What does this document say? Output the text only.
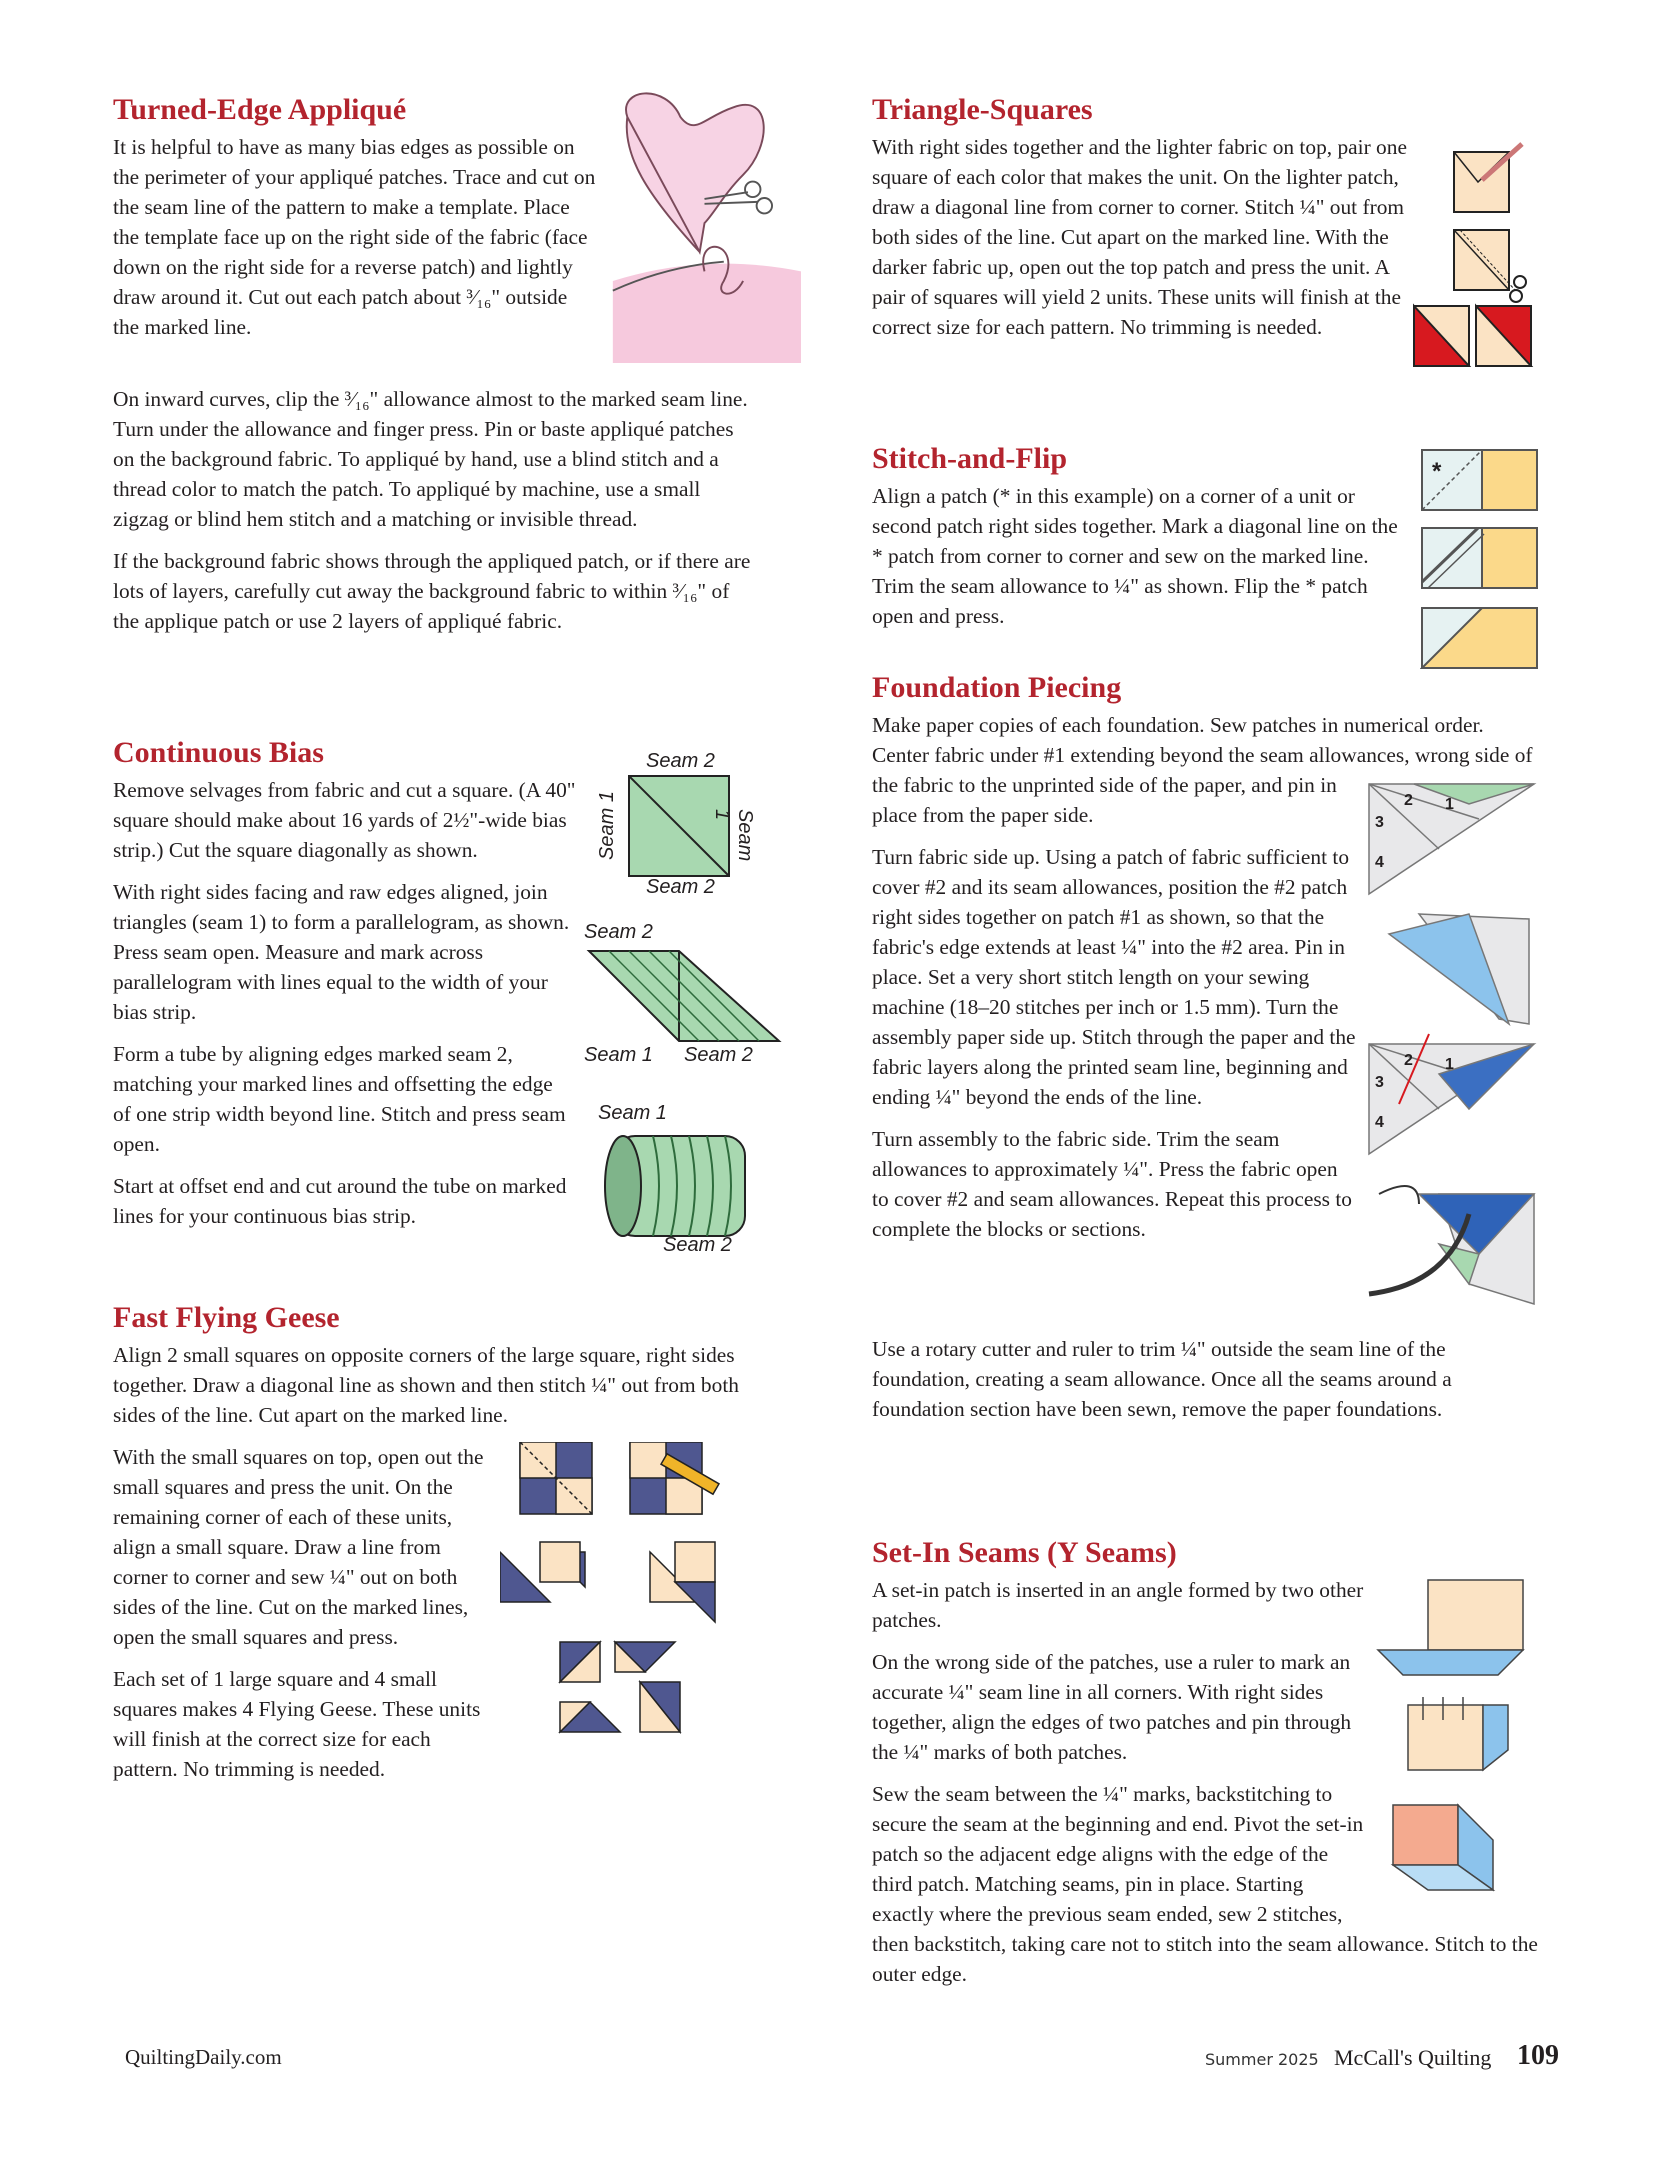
Turned-Edge Appliqué

It is helpful to have as many bias edges as possible on the perimeter of your appliqué patches. Trace and cut on the seam line of the pattern to make a template. Place the template face up on the right side of the fabric (face down on the right side for a reverse patch) and lightly draw around it. Cut out each patch about ³⁄₁₆" outside the marked line.

On inward curves, clip the ³⁄₁₆" allowance almost to the marked seam line. Turn under the allowance and finger press. Pin or baste appliqué patches on the background fabric. To appliqué by hand, use a blind stitch and a thread color to match the patch. To appliqué by machine, use a small zigzag or blind hem stitch and a matching or invisible thread.

If the background fabric shows through the appliqued patch, or if there are lots of layers, carefully cut away the background fabric to within ³⁄₁₆" of the applique patch or use 2 layers of appliqué fabric.

Continuous Bias

Remove selvages from fabric and cut a square. (A 40" square should make about 16 yards of 2½"-wide bias strip.) Cut the square diagonally as shown.

With right sides facing and raw edges aligned, join triangles (seam 1) to form a parallelogram, as shown. Press seam open. Measure and mark across parallelogram with lines equal to the width of your bias strip.

Form a tube by aligning edges marked seam 2, matching your marked lines and offsetting the edge of one strip width beyond line. Stitch and press seam open.

Start at offset end and cut around the tube on marked lines for your continuous bias strip.

Seam 2
Seam 2
Seam 1	Seam 1
Seam 2
Seam 1 Seam 2
Seam 1
Seam 2
Fast Flying Geese

Align 2 small squares on opposite corners of the large square, right sides together. Draw a diagonal line as shown and then stitch ¼" out from both sides of the line. Cut apart on the marked line.

With the small squares on top, open out the small squares and press the unit. On the remaining corner of each of these units, align a small square. Draw a line from corner to corner and sew ¼" out on both sides of the line. Cut on the marked lines, open the small squares and press.

Each set of 1 large square and 4 small squares makes 4 Flying Geese. These units will finish at the correct size for each pattern. No trimming is needed.

Triangle-Squares

With right sides together and the lighter fabric on top, pair one square of each color that makes the unit. On the lighter patch, draw a diagonal line from corner to corner. Stitch ¼" out from both sides of the line. Cut apart on the marked line. With the darker fabric up, open out the top patch and press the unit. A pair of squares will yield 2 units. These units will finish at the correct size for each pattern. No trimming is needed.

Stitch-and-Flip

Align a patch (* in this example) on a corner of a unit or second patch right sides together. Mark a diagonal line on the * patch from corner to corner and sew on the marked line. Trim the seam allowance to ¼" as shown. Flip the * patch open and press.

*
Foundation Piecing
2 1
3
4
2 1
3
4

Make paper copies of each foundation. Sew patches in numerical order. Center fabric under #1 extending beyond the seam allowances, wrong side of the fabric to the unprinted side of the paper, and pin in place from the paper side.

Turn fabric side up. Using a patch of fabric sufficient to cover #2 and its seam allowances, position the #2 patch right sides together on patch #1 as shown, so that the fabric's edge extends at least ¼" into the #2 area. Pin in place. Set a very short stitch length on your sewing machine (18–20 stitches per inch or 1.5 mm). Turn the assembly paper side up. Stitch through the paper and the fabric layers along the printed seam line, beginning and ending ¼" beyond the ends of the line.

Turn assembly to the fabric side. Trim the seam allowances to approximately ¼". Press the fabric open to cover #2 and seam allowances. Repeat this process to complete the blocks or sections.

Use a rotary cutter and ruler to trim ¼" outside the seam line of the foundation, creating a seam allowance. Once all the seams around a foundation section have been sewn, remove the paper foundations.

Set-In Seams (Y Seams)

A set-in patch is inserted in an angle formed by two other patches.

On the wrong side of the patches, use a ruler to mark an accurate ¼" seam line in all corners. With right sides together, align the edges of two patches and pin through the ¼" marks of both patches.

Sew the seam between the ¼" marks, backstitching to secure the seam at the beginning and end. Pivot the set-in patch so the adjacent edge aligns with the edge of the third patch. Matching seams, pin in place. Starting exactly where the previous seam ended, sew 2 stitches, then backstitch, taking care not to stitch into the seam allowance. Stitch to the outer edge.

QuiltingDaily.com	Summer 2025 McCall's Quilting 109
